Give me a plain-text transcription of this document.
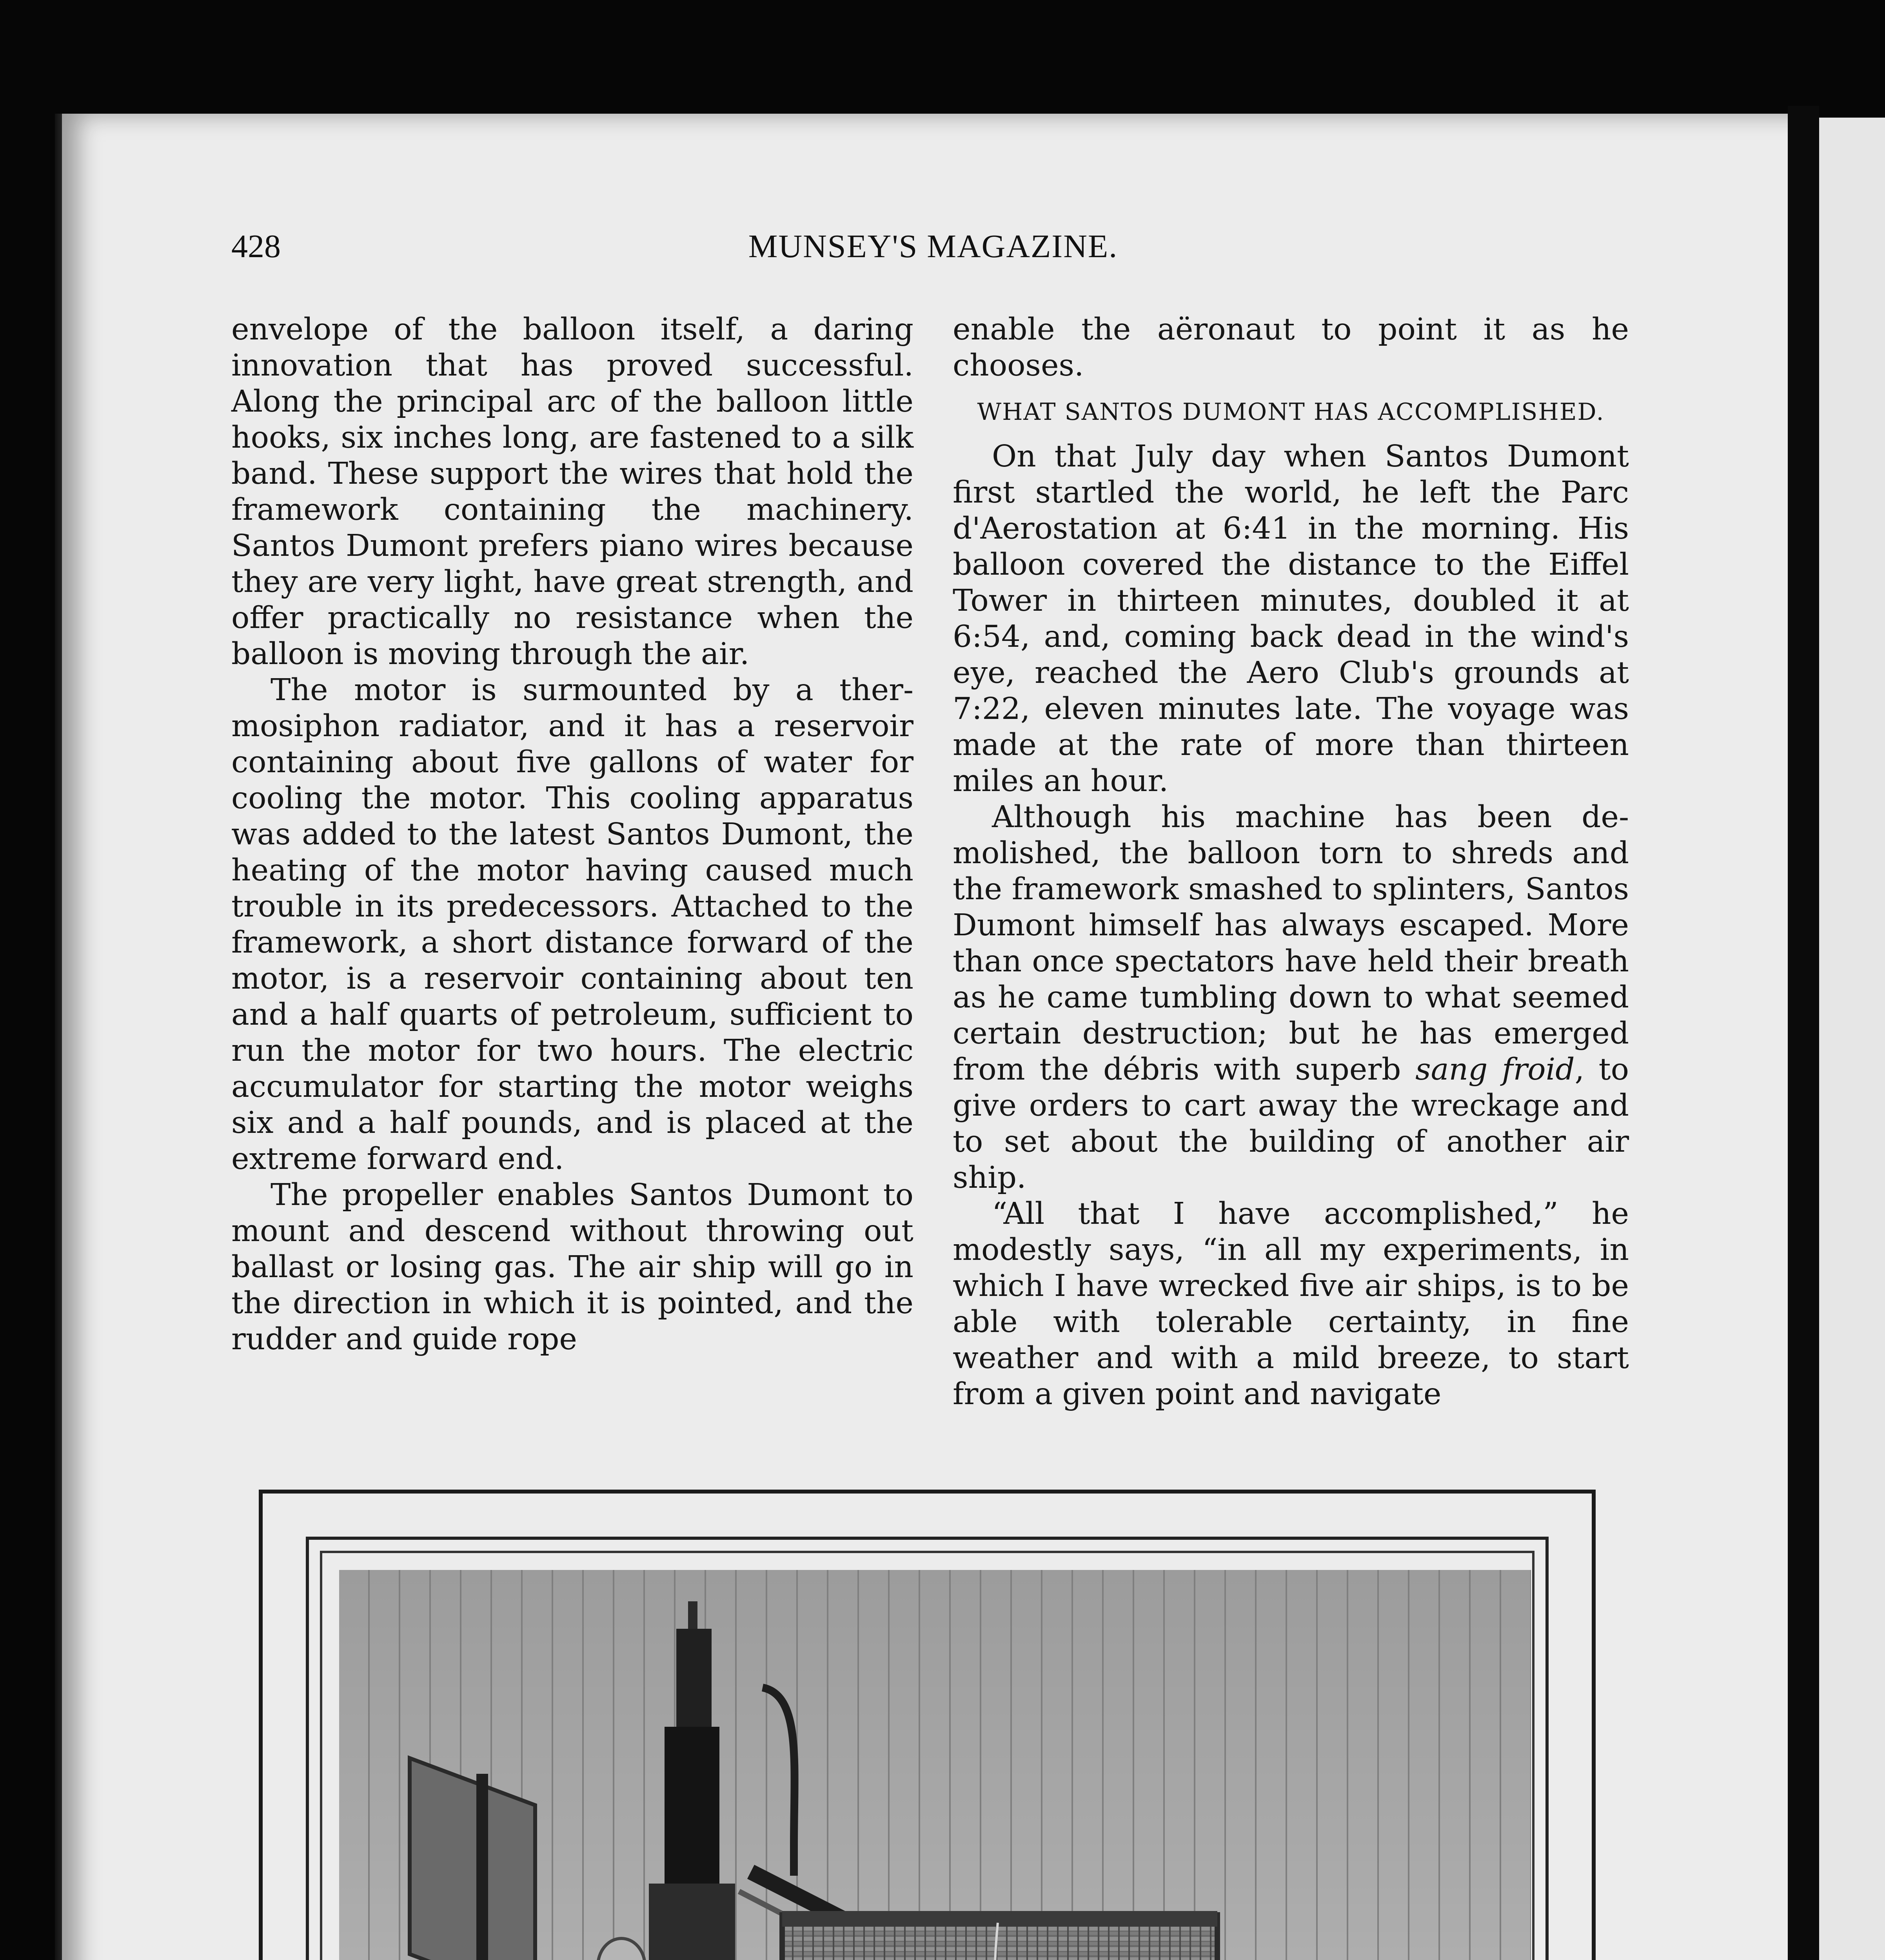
428	MUNSEY'S MAGAZINE.

envelope of the balloon itself, a daring innovation that has proved successful. Along the principal arc of the balloon little hooks, six inches long, are fastened to a silk band. These support the wires that hold the framework containing the machinery. Santos Dumont prefers piano wires because they are very light, have great strength, and offer practically no resistance when the balloon is moving through the air.

The motor is surmounted by a thermosiphon radiator, and it has a reservoir containing about five gallons of water for cooling the motor. This cooling apparatus was added to the latest Santos Dumont, the heating of the motor having caused much trouble in its predecessors. Attached to the framework, a short distance forward of the motor, is a reservoir containing about ten and a half quarts of petroleum, sufficient to run the motor for two hours. The electric accumulator for starting the motor weighs six and a half pounds, and is placed at the extreme forward end.

The propeller enables Santos Dumont to mount and descend without throwing out ballast or losing gas. The air ship will go in the direction in which it is pointed, and the rudder and guide rope

enable the aëronaut to point it as he chooses.

WHAT SANTOS DUMONT HAS ACCOMPLISHED.

On that July day when Santos Dumont first startled the world, he left the Parc d'Aerostation at 6:41 in the morning. His balloon covered the distance to the Eiffel Tower in thirteen minutes, doubled it at 6:54, and, coming back dead in the wind's eye, reached the Aero Club's grounds at 7:22, eleven minutes late. The voyage was made at the rate of more than thirteen miles an hour.

Although his machine has been demolished, the balloon torn to shreds and the framework smashed to splinters, Santos Dumont himself has always escaped. More than once spectators have held their breath as he came tumbling down to what seemed certain destruction; but he has emerged from the débris with superb sang froid, to give orders to cart away the wreckage and to set about the building of another air ship.

“All that I have accomplished,” he modestly says, “in all my experiments, in which I have wrecked five air ships, is to be able with tolerable certainty, in fine weather and with a mild breeze, to start from a given point and navigate
